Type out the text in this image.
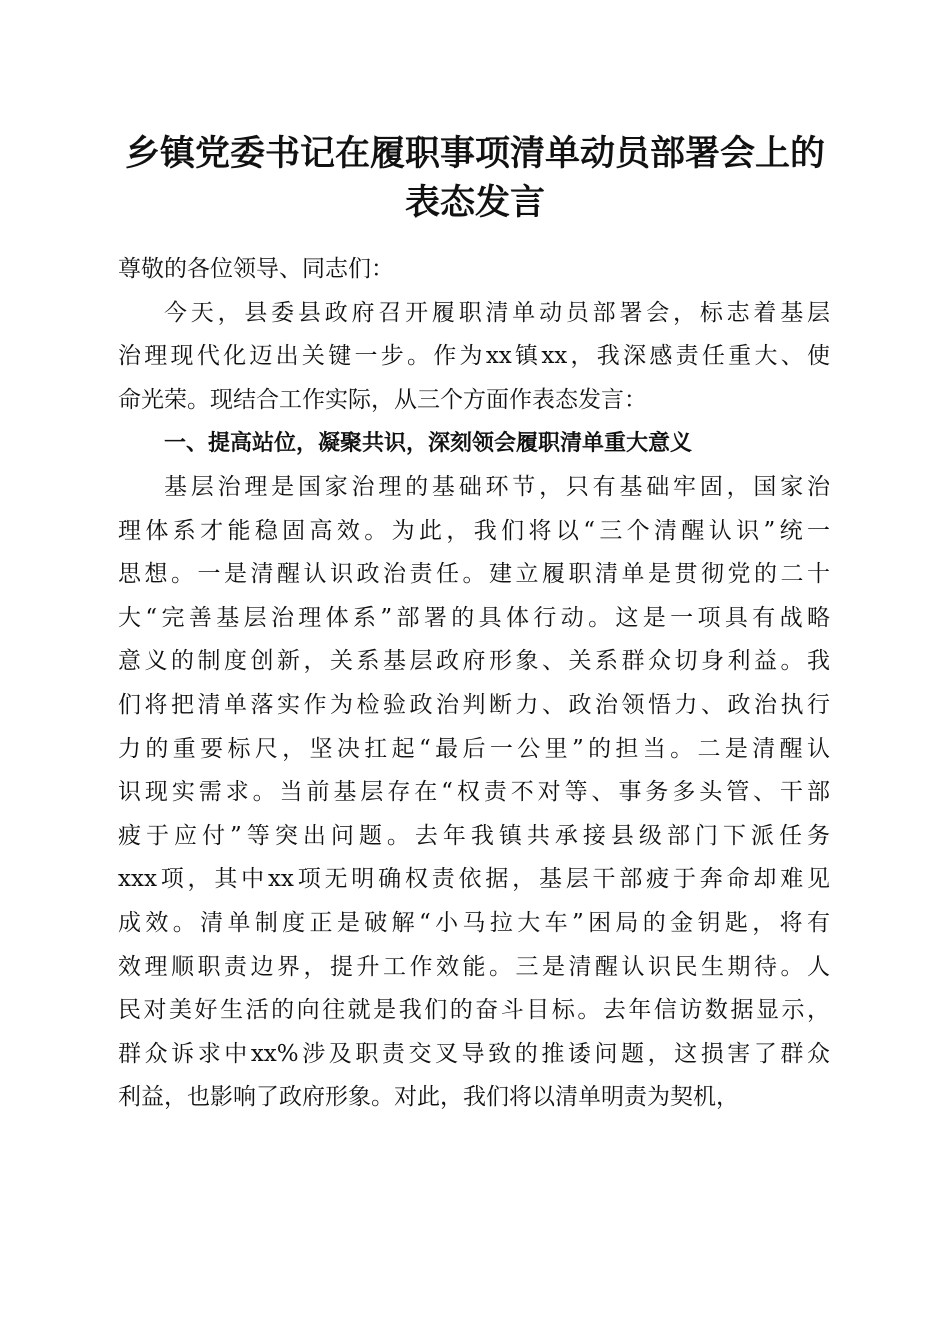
乡镇党委书记在履职事项清单动员部署会上的
表态发言
尊敬的各位领导、同志们：
今天，县委县政府召开履职清单动员部署会，标志着基层
治理现代化迈出关键一步。作为xx镇xx，我深感责任重大、使
命光荣。现结合工作实际，从三个方面作表态发言：
一、提高站位，凝聚共识，深刻领会履职清单重大意义
基层治理是国家治理的基础环节，只有基础牢固，国家治
理体系才能稳固高效。为此，我们将以“三个清醒认识”统一
思想。一是清醒认识政治责任。建立履职清单是贯彻党的二十
大“完善基层治理体系”部署的具体行动。这是一项具有战略
意义的制度创新，关系基层政府形象、关系群众切身利益。我
们将把清单落实作为检验政治判断力、政治领悟力、政治执行
力的重要标尺，坚决扛起“最后一公里”的担当。二是清醒认
识现实需求。当前基层存在“权责不对等、事务多头管、干部
疲于应付”等突出问题。去年我镇共承接县级部门下派任务
xxx项，其中xx项无明确权责依据，基层干部疲于奔命却难见
成效。清单制度正是破解“小马拉大车”困局的金钥匙，将有
效理顺职责边界，提升工作效能。三是清醒认识民生期待。人
民对美好生活的向往就是我们的奋斗目标。去年信访数据显示，
群众诉求中xx%涉及职责交叉导致的推诿问题，这损害了群众
利益，也影响了政府形象。对此，我们将以清单明责为契机，
